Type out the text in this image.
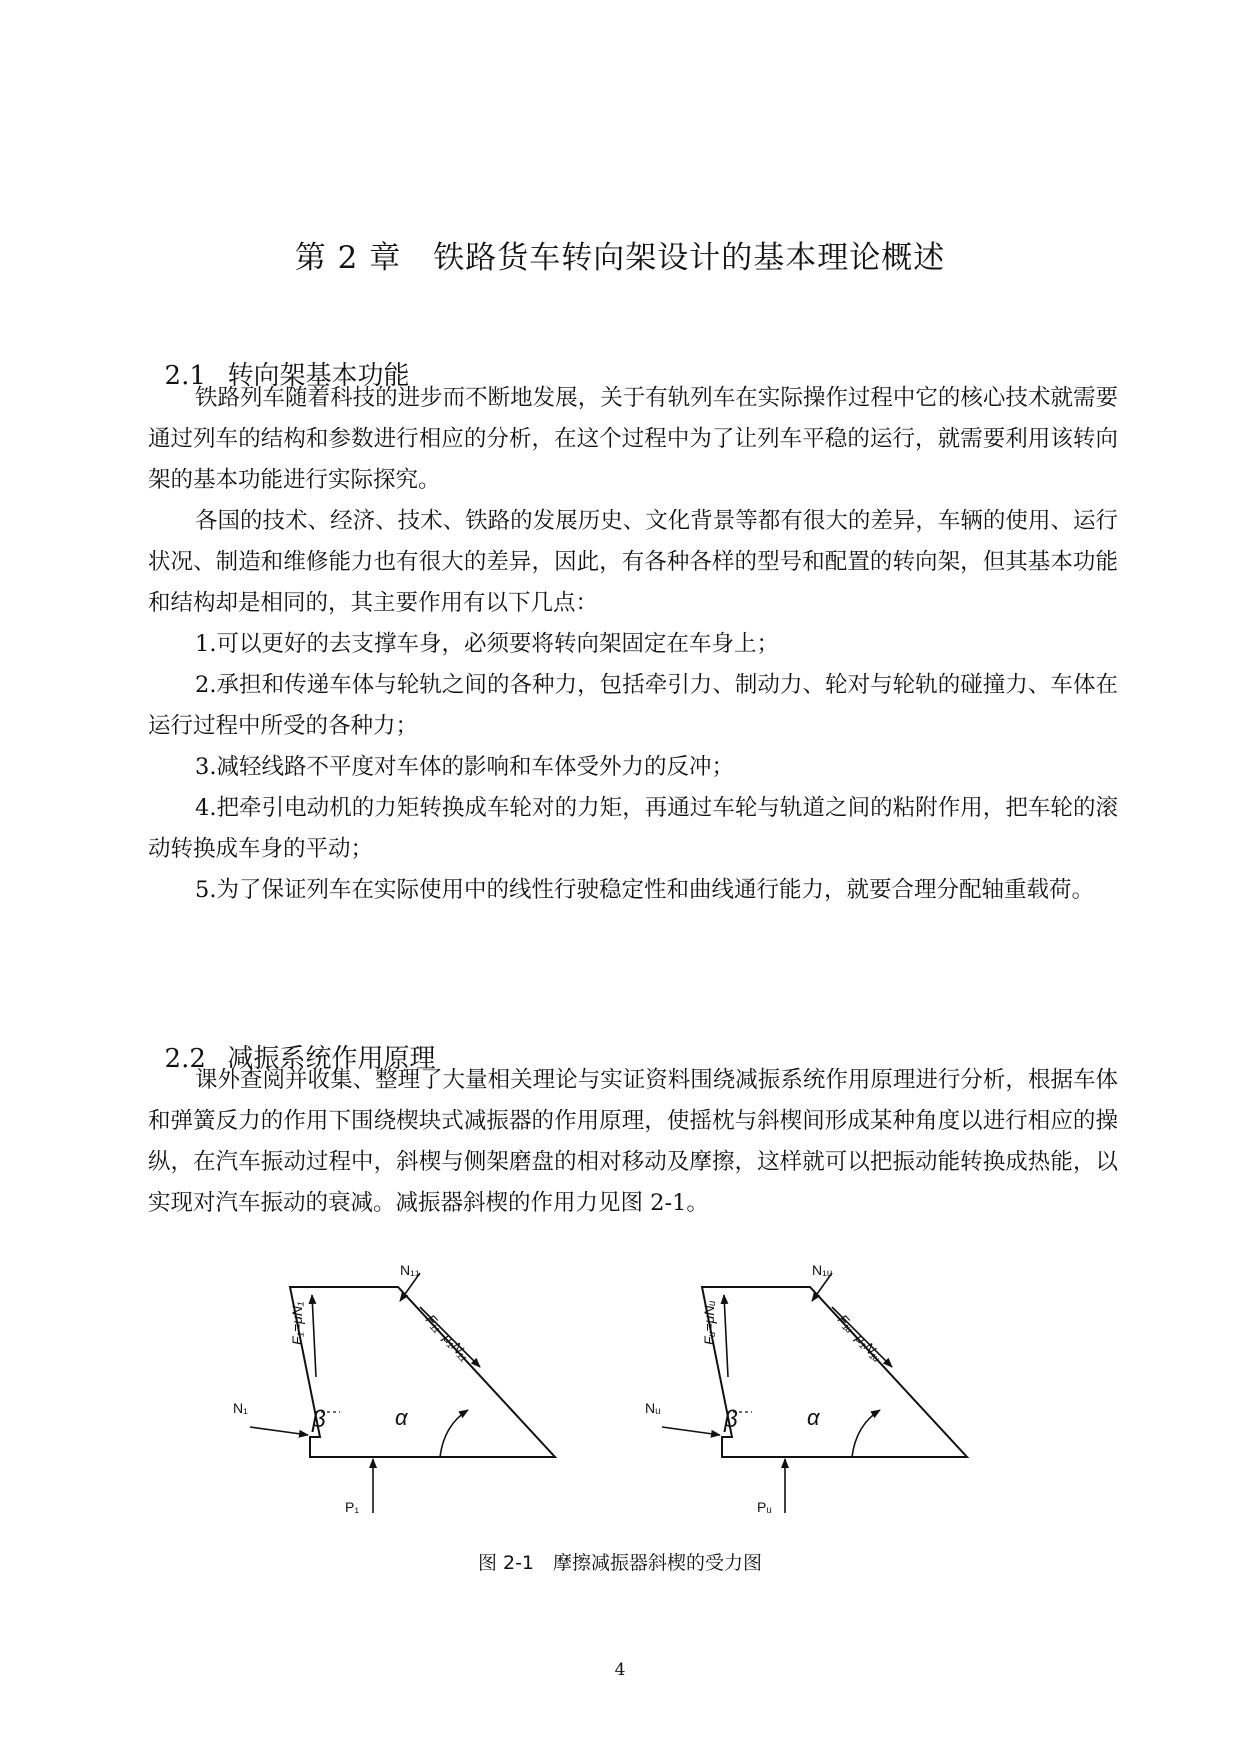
第 2 章　铁路货车转向架设计的基本理论概述

2.1 转向架基本功能

铁路列车随着科技的进步而不断地发展，关于有轨列车在实际操作过程中它的核心技术就需要通过列车的结构和参数进行相应的分析，在这个过程中为了让列车平稳的运行，就需要利用该转向架的基本功能进行实际探究。

各国的技术、经济、技术、铁路的发展历史、文化背景等都有很大的差异，车辆的使用、运行状况、制造和维修能力也有很大的差异，因此，有各种各样的型号和配置的转向架，但其基本功能和结构却是相同的，其主要作用有以下几点：

1.可以更好的去支撑车身，必须要将转向架固定在车身上；

2.承担和传递车体与轮轨之间的各种力，包括牵引力、制动力、轮对与轮轨的碰撞力、车体在运行过程中所受的各种力；

3.减轻线路不平度对车体的影响和车体受外力的反冲；

4.把牵引电动机的力矩转换成车轮对的力矩，再通过车轮与轨道之间的粘附作用，把车轮的滚动转换成车身的平动；

5.为了保证列车在实际使用中的线性行驶稳定性和曲线通行能力，就要合理分配轴重载荷。

2.2 减振系统作用原理

课外查阅并收集、整理了大量相关理论与实证资料围绕减振系统作用原理进行分析，根据车体和弹簧反力的作用下围绕楔块式减振器的作用原理，使摇枕与斜楔间形成某种角度以进行相应的操纵，在汽车振动过程中，斜楔与侧架磨盘的相对移动及摩擦，这样就可以把振动能转换成热能，以实现对汽车振动的衰减。减振器斜楔的作用力见图 2-1。

N₁₁
F₁₁=μ₁N₁₁
F₁=μN₁
N₁	β	α
P₁
N₁ᵤ
F₁ᵤ=μ₁N₁ᵤ
Fᵤ=μNᵤ
Nᵤ	β	α
Pᵤ
图 2-1　摩擦减振器斜楔的受力图
4
